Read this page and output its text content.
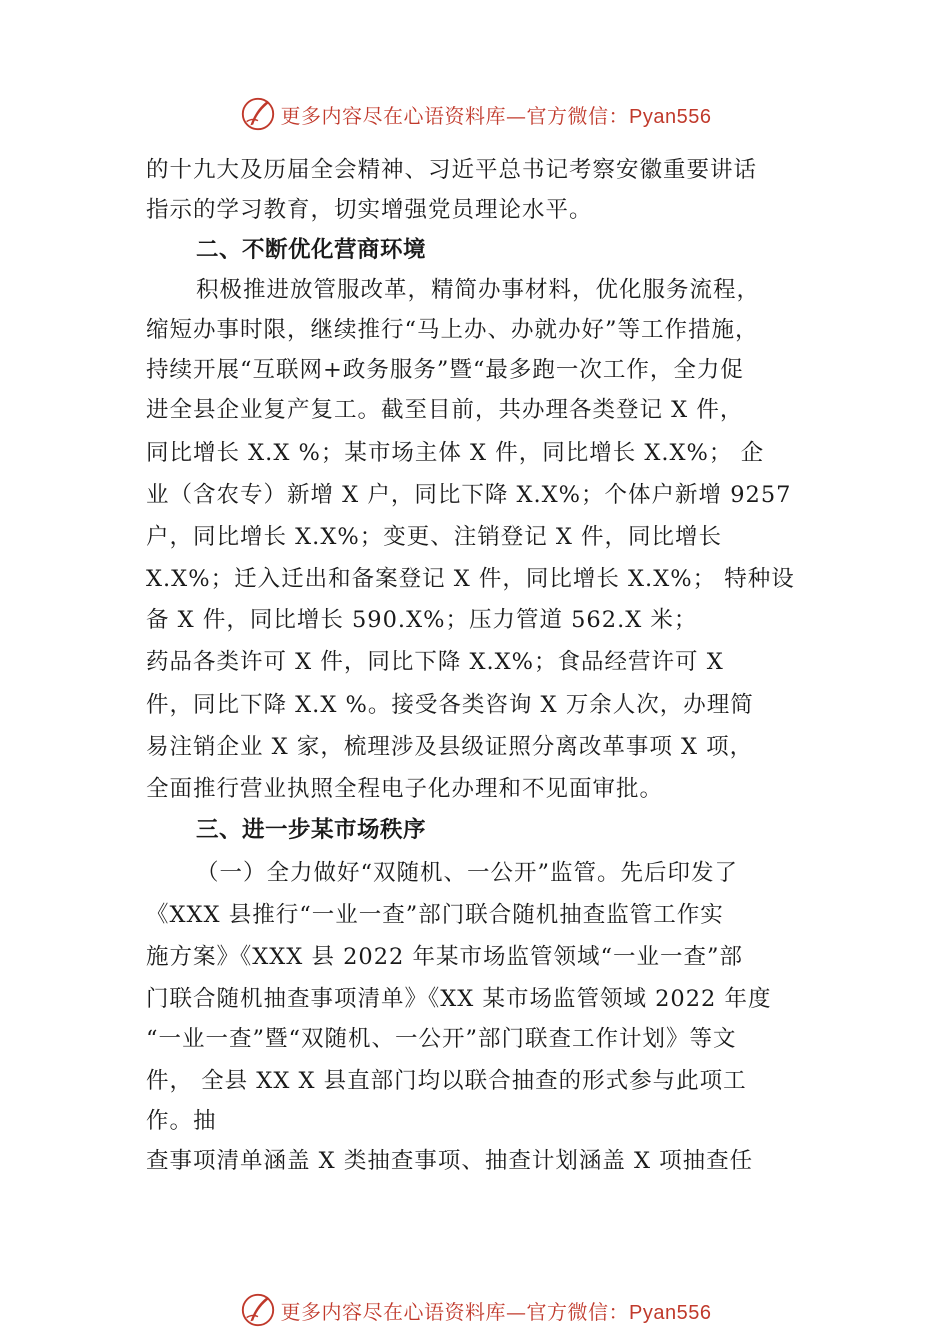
更多内容尽在心语资料库—官方微信：Pyan556
的十九大及历届全会精神、习近平总书记考察安徽重要讲话
指示的学习教育，切实增强党员理论水平。
二、不断优化营商环境
积极推进放管服改革，精简办事材料，优化服务流程，
缩短办事时限，继续推行“马上办、办就办好”等工作措施，
持续开展“互联网+政务服务”暨“最多跑一次工作，全力促
进全县企业复产复工。截至目前，共办理各类登记 X 件，
同比增长 X.X %；某市场主体 X 件，同比增长 X.X%； 企
业（含农专）新增 X 户，同比下降 X.X%；个体户新增 9257
户，同比增长 X.X%；变更、注销登记 X 件，同比增长
X.X%；迁入迁出和备案登记 X 件，同比增长 X.X%； 特种设
备 X 件，同比增长 590.X%；压力管道 562.X 米；
药品各类许可 X 件，同比下降 X.X%；食品经营许可 X
件，同比下降 X.X %。接受各类咨询 X 万余人次，办理简
易注销企业 X 家，梳理涉及县级证照分离改革事项 X 项，
全面推行营业执照全程电子化办理和不见面审批。
三、进一步某市场秩序
（一）全力做好“双随机、一公开”监管。先后印发了
《XXX 县推行“一业一查”部门联合随机抽查监管工作实
施方案》《XXX 县 2022 年某市场监管领域“一业一查”部
门联合随机抽查事项清单》《XX 某市场监管领域 2022 年度
“一业一查”暨“双随机、一公开”部门联查工作计划》等文
件， 全县 XX X 县直部门均以联合抽查的形式参与此项工
作。抽
查事项清单涵盖 X 类抽查事项、抽查计划涵盖 X 项抽查任
更多内容尽在心语资料库—官方微信：Pyan556
